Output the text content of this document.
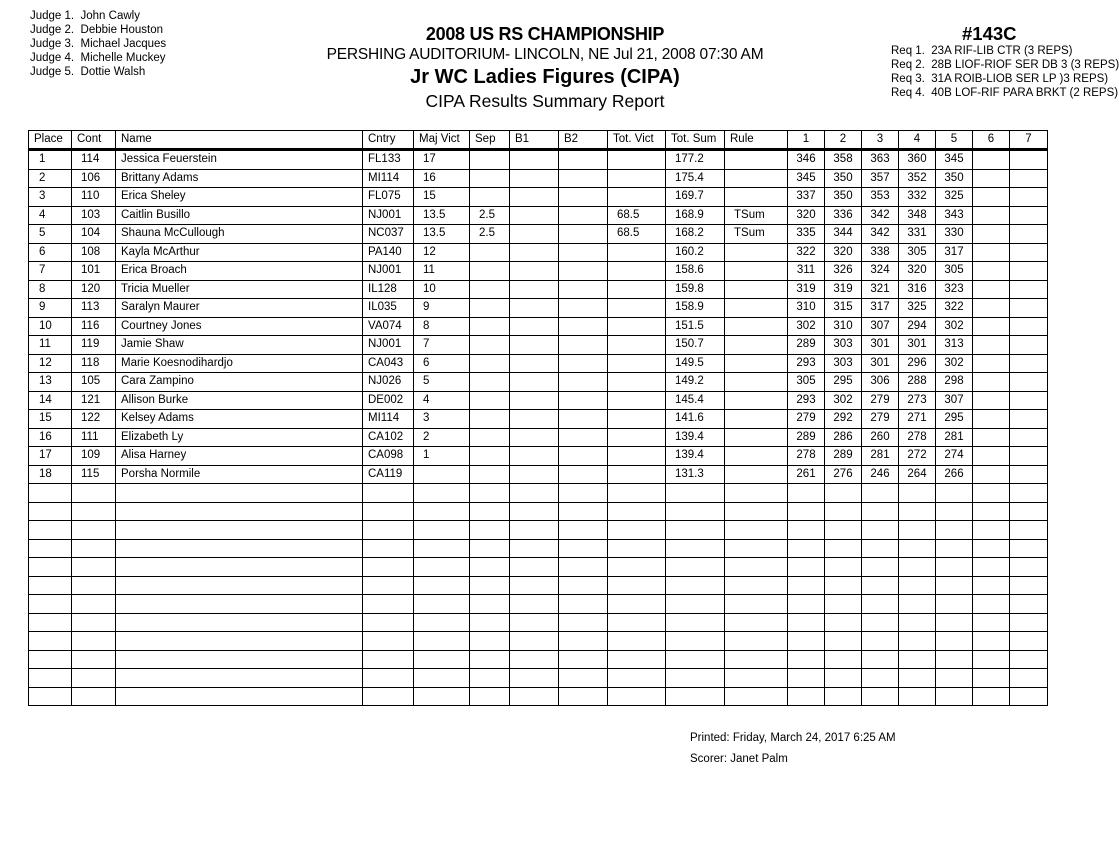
Judge 1. John Cawly
Judge 2. Debbie Houston
Judge 3. Michael Jacques
Judge 4. Michelle Muckey
Judge 5. Dottie Walsh
2008 US RS CHAMPIONSHIP
PERSHING AUDITORIUM- LINCOLN, NE Jul 21, 2008 07:30 AM
Jr WC Ladies Figures (CIPA)
CIPA Results Summary Report
#143C
Req 1. 23A RIF-LIB CTR (3 REPS)
Req 2. 28B LIOF-RIOF SER DB 3 (3 REPS)
Req 3. 31A ROIB-LIOB SER LP )3 REPS)
Req 4. 40B LOF-RIF PARA BRKT (2 REPS)
Place	Cont	Name	Cntry	Maj Vict	Sep	B1	B2	Tot. Vict	Tot. Sum	Rule	1	2	3	4	5	6	7
1	114	Jessica Feuerstein	FL133	17					177.2		346	358	363	360	345		
2	106	Brittany Adams	MI114	16					175.4		345	350	357	352	350		
3	110	Erica Sheley	FL075	15					169.7		337	350	353	332	325		
4	103	Caitlin Busillo	NJ001	13.5	2.5			68.5	168.9	TSum	320	336	342	348	343		
5	104	Shauna McCullough	NC037	13.5	2.5			68.5	168.2	TSum	335	344	342	331	330		
6	108	Kayla McArthur	PA140	12					160.2		322	320	338	305	317		
7	101	Erica Broach	NJ001	11					158.6		311	326	324	320	305		
8	120	Tricia Mueller	IL128	10					159.8		319	319	321	316	323		
9	113	Saralyn Maurer	IL035	9					158.9		310	315	317	325	322		
10	116	Courtney Jones	VA074	8					151.5		302	310	307	294	302		
11	119	Jamie Shaw	NJ001	7					150.7		289	303	301	301	313		
12	118	Marie Koesnodihardjo	CA043	6					149.5		293	303	301	296	302		
13	105	Cara Zampino	NJ026	5					149.2		305	295	306	288	298		
14	121	Allison Burke	DE002	4					145.4		293	302	279	273	307		
15	122	Kelsey Adams	MI114	3					141.6		279	292	279	271	295		
16	111	Elizabeth Ly	CA102	2					139.4		289	286	260	278	281		
17	109	Alisa Harney	CA098	1					139.4		278	289	281	272	274		
18	115	Porsha Normile	CA119						131.3		261	276	246	264	266		

Printed: Friday, March 24, 2017 6:25 AM
Scorer: Janet Palm
